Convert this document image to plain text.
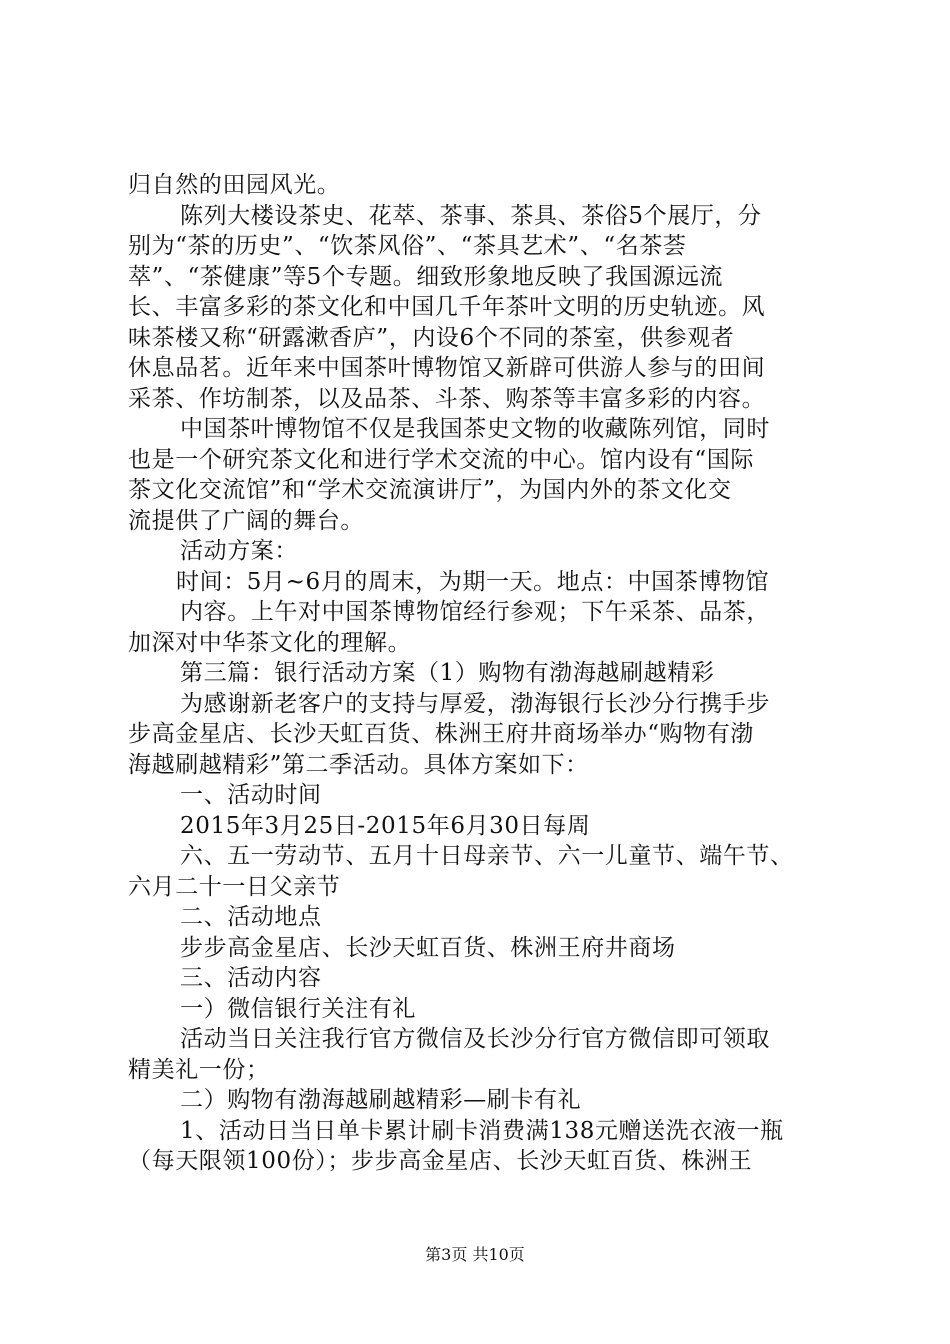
归自然的田园风光。
陈列大楼设茶史、花萃、茶事、茶具、茶俗5个展厅，分
别为“茶的历史”、“饮茶风俗”、“茶具艺术”、“名茶荟
萃”、“茶健康”等5个专题。细致形象地反映了我国源远流
长、丰富多彩的茶文化和中国几千年茶叶文明的历史轨迹。风
味茶楼又称“研露漱香庐”，内设6个不同的茶室，供参观者
休息品茗。近年来中国茶叶博物馆又新辟可供游人参与的田间
采茶、作坊制茶，以及品茶、斗茶、购茶等丰富多彩的内容。
中国茶叶博物馆不仅是我国茶史文物的收藏陈列馆，同时
也是一个研究茶文化和进行学术交流的中心。馆内设有“国际
茶文化交流馆”和“学术交流演讲厅”，为国内外的茶文化交
流提供了广阔的舞台。
活动方案：
时间：5月~6月的周末，为期一天。地点：中国茶博物馆
内容。上午对中国茶博物馆经行参观；下午采茶、品茶，
加深对中华茶文化的理解。
第三篇：银行活动方案（1）购物有渤海越刷越精彩
为感谢新老客户的支持与厚爱，渤海银行长沙分行携手步
步高金星店、长沙天虹百货、株洲王府井商场举办“购物有渤
海越刷越精彩”第二季活动。具体方案如下：
一、活动时间
2015年3月25日-2015年6月30日每周
六、五一劳动节、五月十日母亲节、六一儿童节、端午节、
六月二十一日父亲节
二、活动地点
步步高金星店、长沙天虹百货、株洲王府井商场
三、活动内容
一）微信银行关注有礼
活动当日关注我行官方微信及长沙分行官方微信即可领取
精美礼一份；
二）购物有渤海越刷越精彩—刷卡有礼
1、活动日当日单卡累计刷卡消费满138元赠送洗衣液一瓶
（每天限领100份）；步步高金星店、长沙天虹百货、株洲王
第3页 共10页
